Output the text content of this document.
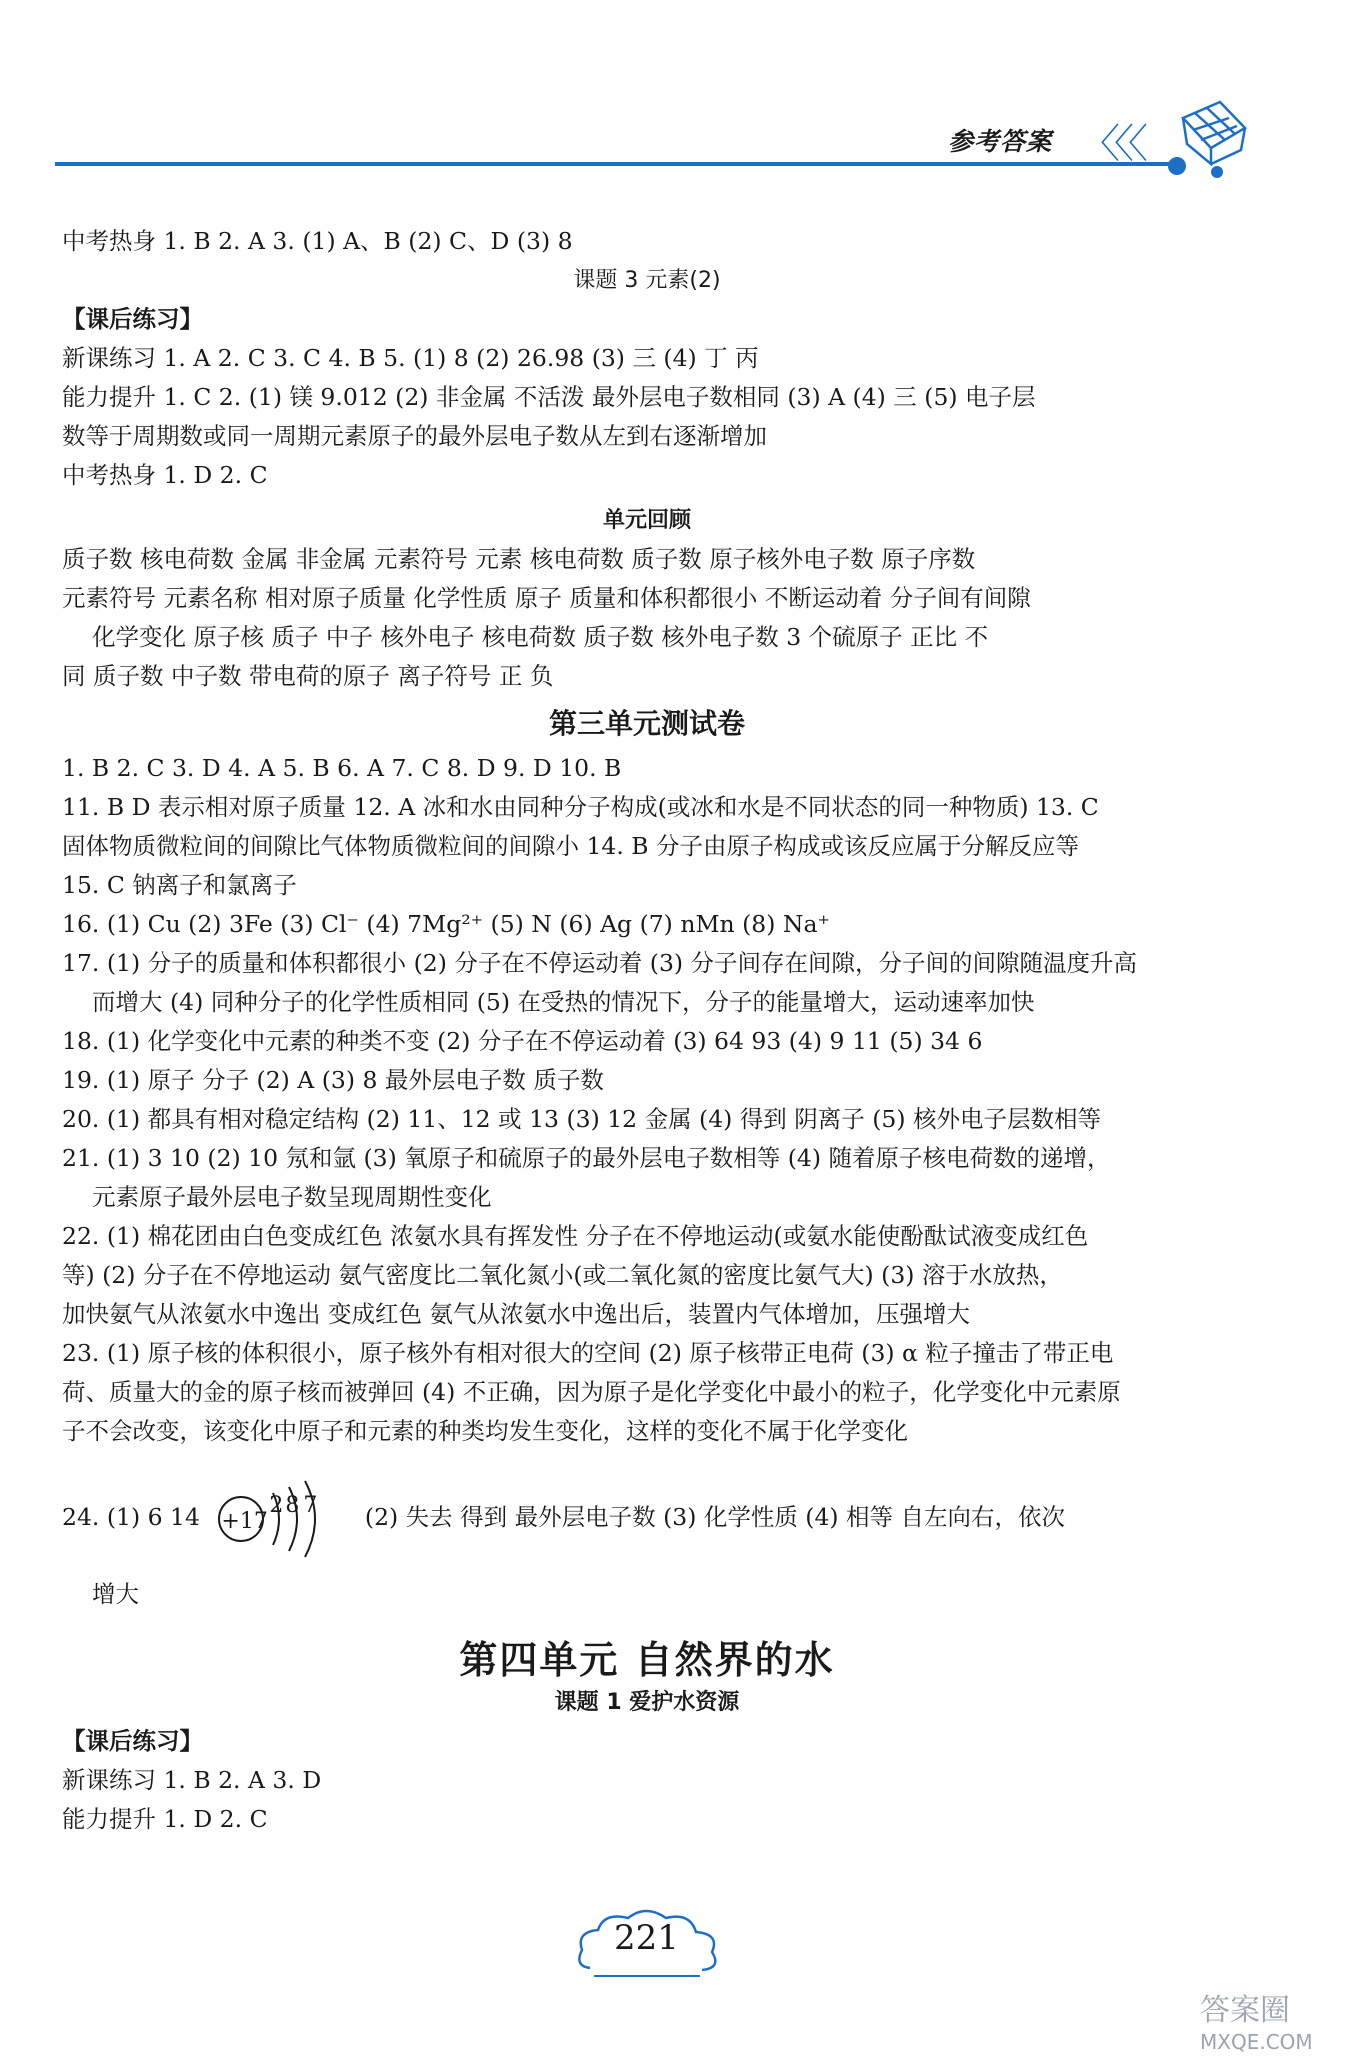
参考答案 〈〈〈
中考热身 1. B 2. A 3. (1) A、B (2) C、D (3) 8
课题 3 元素(2)
【课后练习】
新课练习 1. A 2. C 3. C 4. B 5. (1) 8 (2) 26.98 (3) 三 (4) 丁 丙
能力提升 1. C 2. (1) 镁 9.012 (2) 非金属 不活泼 最外层电子数相同 (3) A (4) 三 (5) 电子层
数等于周期数或同一周期元素原子的最外层电子数从左到右逐渐增加
中考热身 1. D 2. C
单元回顾
质子数 核电荷数 金属 非金属 元素符号 元素 核电荷数 质子数 原子核外电子数 原子序数
元素符号 元素名称 相对原子质量 化学性质 原子 质量和体积都很小 不断运动着 分子间有间隙
化学变化 原子核 质子 中子 核外电子 核电荷数 质子数 核外电子数 3 个硫原子 正比 不
同 质子数 中子数 带电荷的原子 离子符号 正 负
第三单元测试卷
1. B 2. C 3. D 4. A 5. B 6. A 7. C 8. D 9. D 10. B
11. B D 表示相对原子质量 12. A 冰和水由同种分子构成(或冰和水是不同状态的同一种物质) 13. C
固体物质微粒间的间隙比气体物质微粒间的间隙小 14. B 分子由原子构成或该反应属于分解反应等
15. C 钠离子和氯离子
16. (1) Cu (2) 3Fe (3) Cl⁻ (4) 7Mg²⁺ (5) N (6) Ag (7) nMn (8) Na⁺
17. (1) 分子的质量和体积都很小 (2) 分子在不停运动着 (3) 分子间存在间隙，分子间的间隙随温度升高
而增大 (4) 同种分子的化学性质相同 (5) 在受热的情况下，分子的能量增大，运动速率加快
18. (1) 化学变化中元素的种类不变 (2) 分子在不停运动着 (3) 64 93 (4) 9 11 (5) 34 6
19. (1) 原子 分子 (2) A (3) 8 最外层电子数 质子数
20. (1) 都具有相对稳定结构 (2) 11、12 或 13 (3) 12 金属 (4) 得到 阴离子 (5) 核外电子层数相等
21. (1) 3 10 (2) 10 氖和氩 (3) 氧原子和硫原子的最外层电子数相等 (4) 随着原子核电荷数的递增，
元素原子最外层电子数呈现周期性变化
22. (1) 棉花团由白色变成红色 浓氨水具有挥发性 分子在不停地运动(或氨水能使酚酞试液变成红色
等) (2) 分子在不停地运动 氨气密度比二氧化氮小(或二氧化氮的密度比氨气大) (3) 溶于水放热，
加快氨气从浓氨水中逸出 变成红色 氨气从浓氨水中逸出后，装置内气体增加，压强增大
23. (1) 原子核的体积很小，原子核外有相对很大的空间 (2) 原子核带正电荷 (3) α 粒子撞击了带正电
荷、质量大的金的原子核而被弹回 (4) 不正确，因为原子是化学变化中最小的粒子，化学变化中元素原
子不会改变，该变化中原子和元素的种类均发生变化，这样的变化不属于化学变化
24. (1) 6 14 +17
2 8 7 (2) 失去 得到 最外层电子数 (3) 化学性质 (4) 相等 自左向右，依次
增大
第四单元 自然界的水
课题 1 爱护水资源
【课后练习】
新课练习 1. B 2. A 3. D
能力提升 1. D 2. C
221
答案圈
MXQE.COM
